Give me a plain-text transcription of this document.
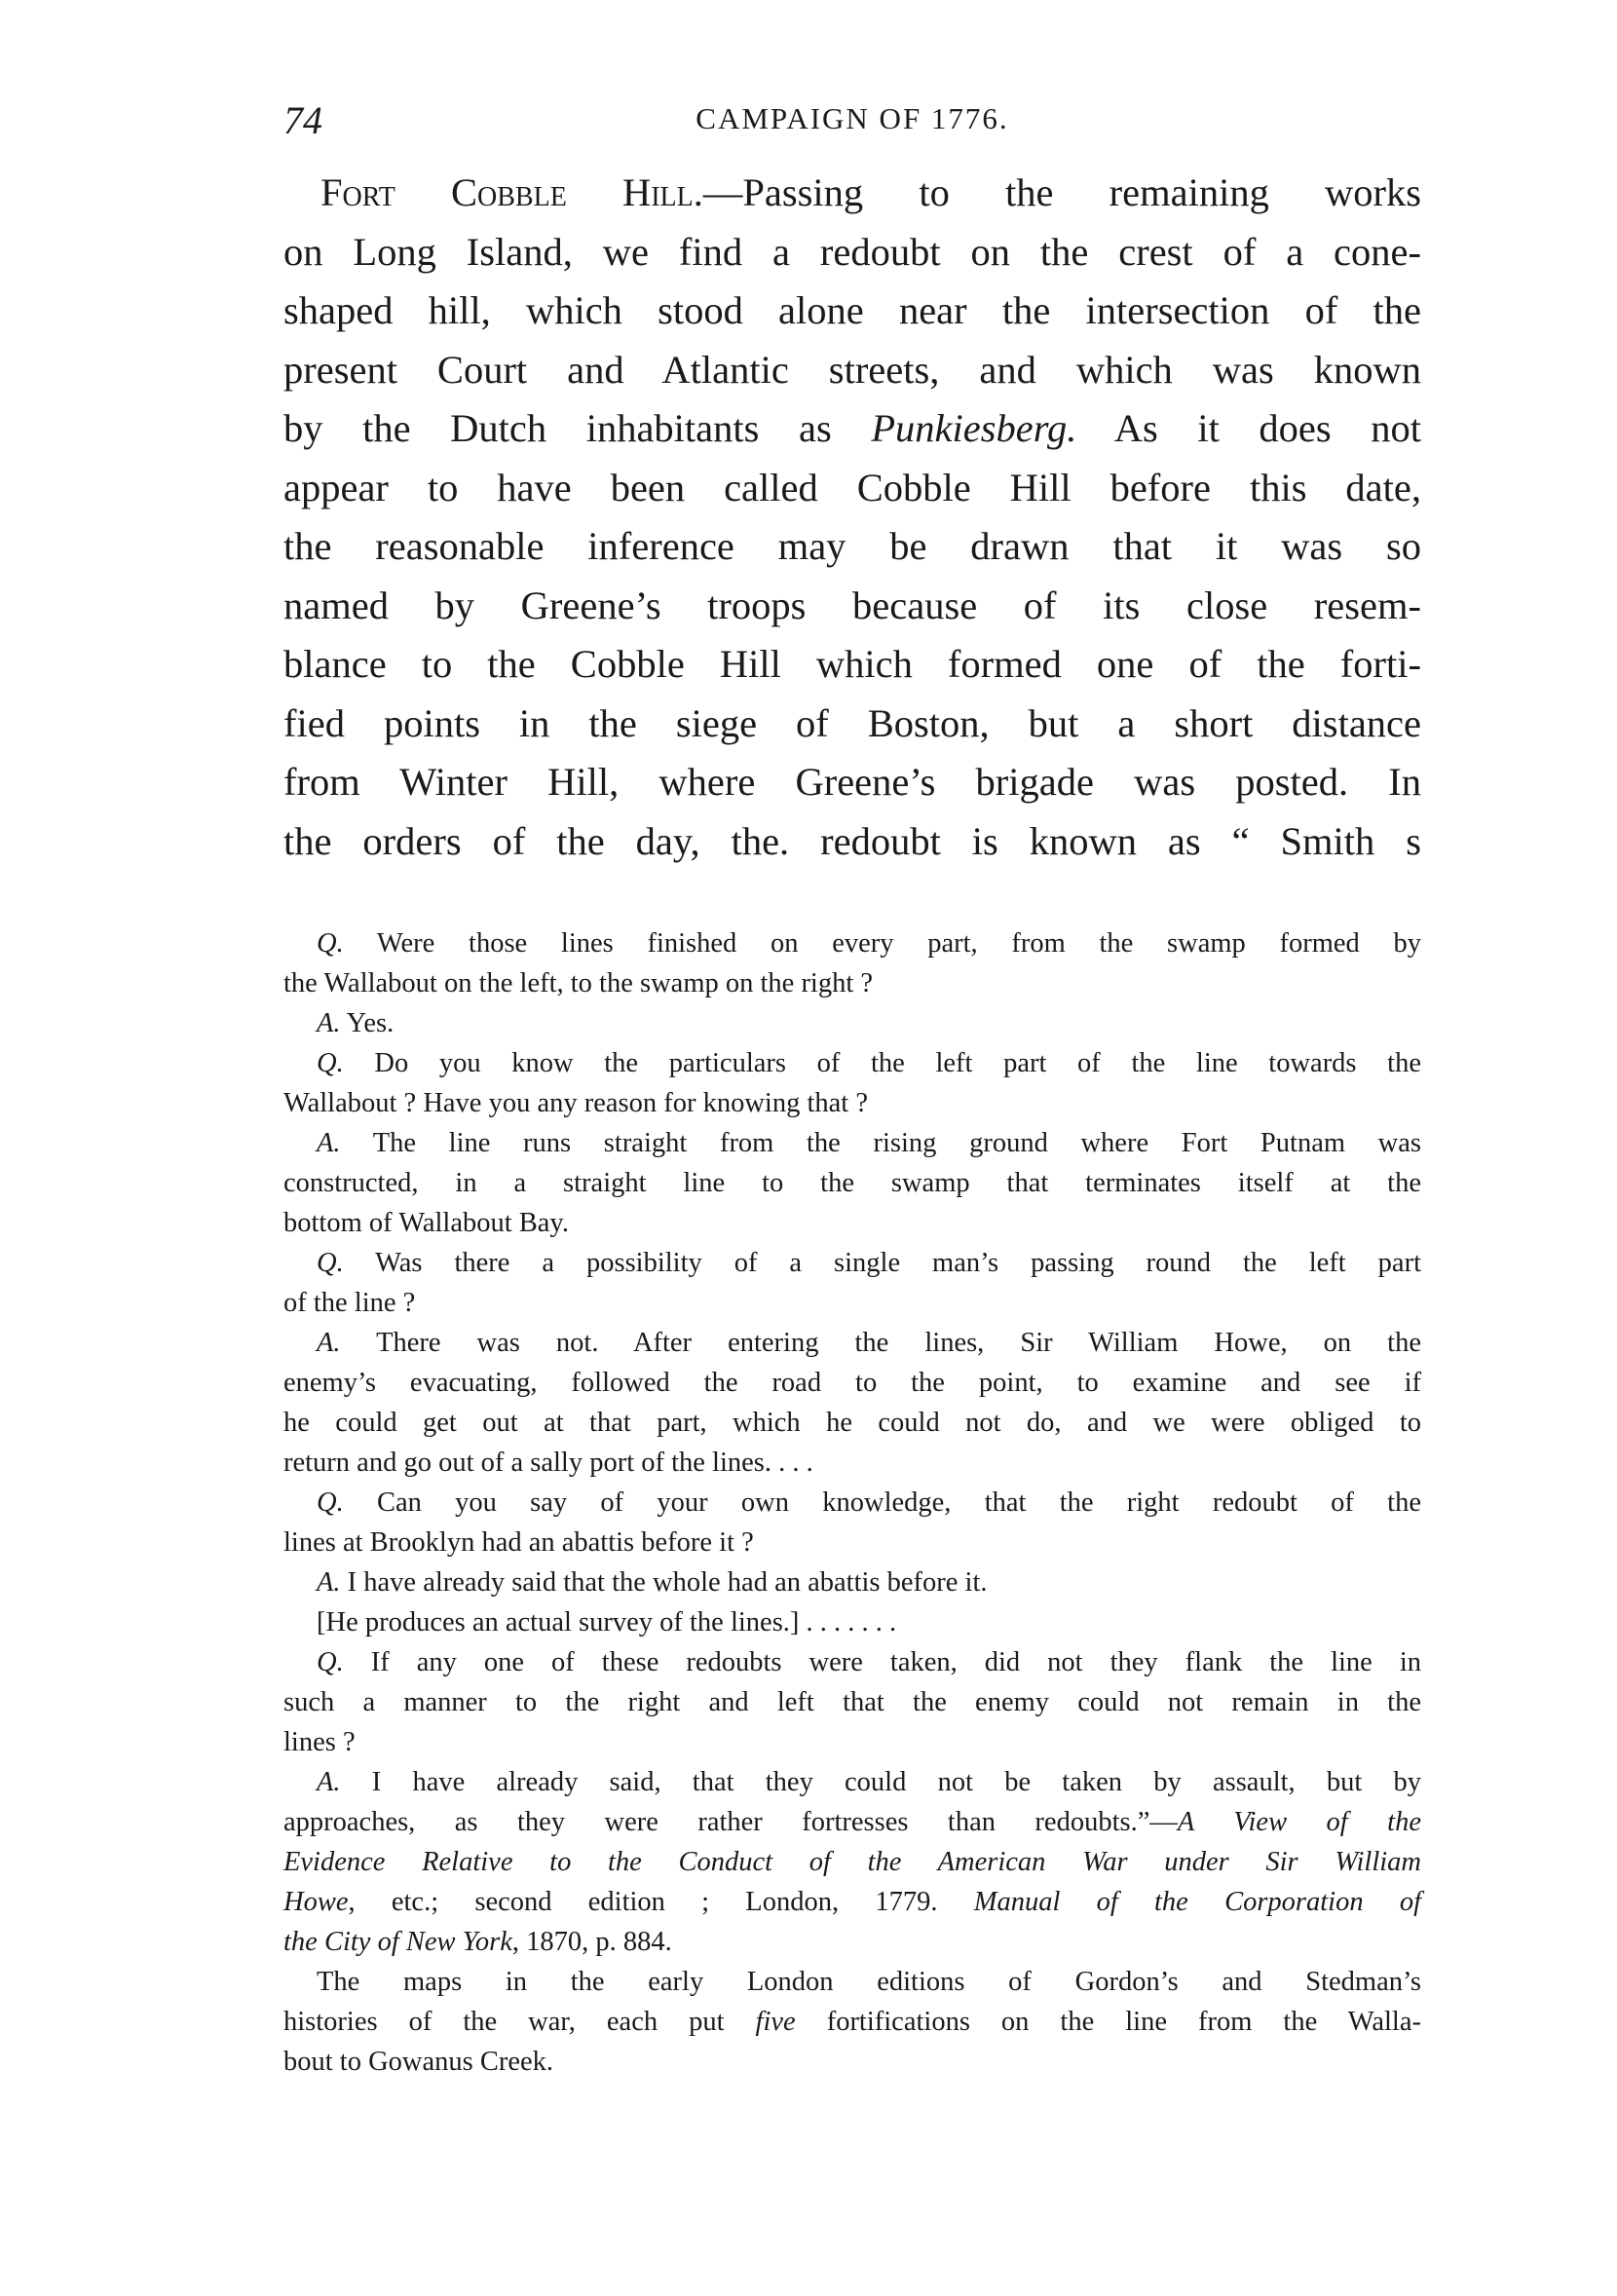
74	CAMPAIGN OF 1776.
Fort Cobble Hill.—Passing to the remaining works
on Long Island, we find a redoubt on the crest of a cone-
shaped hill, which stood alone near the intersection of the
present Court and Atlantic streets, and which was known
by the Dutch inhabitants as Punkiesberg. As it does not
appear to have been called Cobble Hill before this date,
the reasonable inference may be drawn that it was so
named by Greene’s troops because of its close resem-
blance to the Cobble Hill which formed one of the forti-
fied points in the siege of Boston, but a short distance
from Winter Hill, where Greene’s brigade was posted. In
the orders of the day, the. redoubt is known as “ Smith s
Q. Were those lines finished on every part, from the swamp formed by
the Wallabout on the left, to the swamp on the right ?
A. Yes.
Q. Do you know the particulars of the left part of the line towards the
Wallabout ? Have you any reason for knowing that ?
A. The line runs straight from the rising ground where Fort Putnam was
constructed, in a straight line to the swamp that terminates itself at the
bottom of Wallabout Bay.
Q. Was there a possibility of a single man’s passing round the left part
of the line ?
A. There was not. After entering the lines, Sir William Howe, on the
enemy’s evacuating, followed the road to the point, to examine and see if
he could get out at that part, which he could not do, and we were obliged to
return and go out of a sally port of the lines. . . .
Q. Can you say of your own knowledge, that the right redoubt of the
lines at Brooklyn had an abattis before it ?
A. I have already said that the whole had an abattis before it.
[He produces an actual survey of the lines.] . . . . . . .
Q. If any one of these redoubts were taken, did not they flank the line in
such a manner to the right and left that the enemy could not remain in the
lines ?
A. I have already said, that they could not be taken by assault, but by
approaches, as they were rather fortresses than redoubts.”—A View of the
Evidence Relative to the Conduct of the American War under Sir William
Howe, etc.; second edition ; London, 1779. Manual of the Corporation of
the City of New York, 1870, p. 884.
The maps in the early London editions of Gordon’s and Stedman’s
histories of the war, each put five fortifications on the line from the Walla-
bout to Gowanus Creek.
